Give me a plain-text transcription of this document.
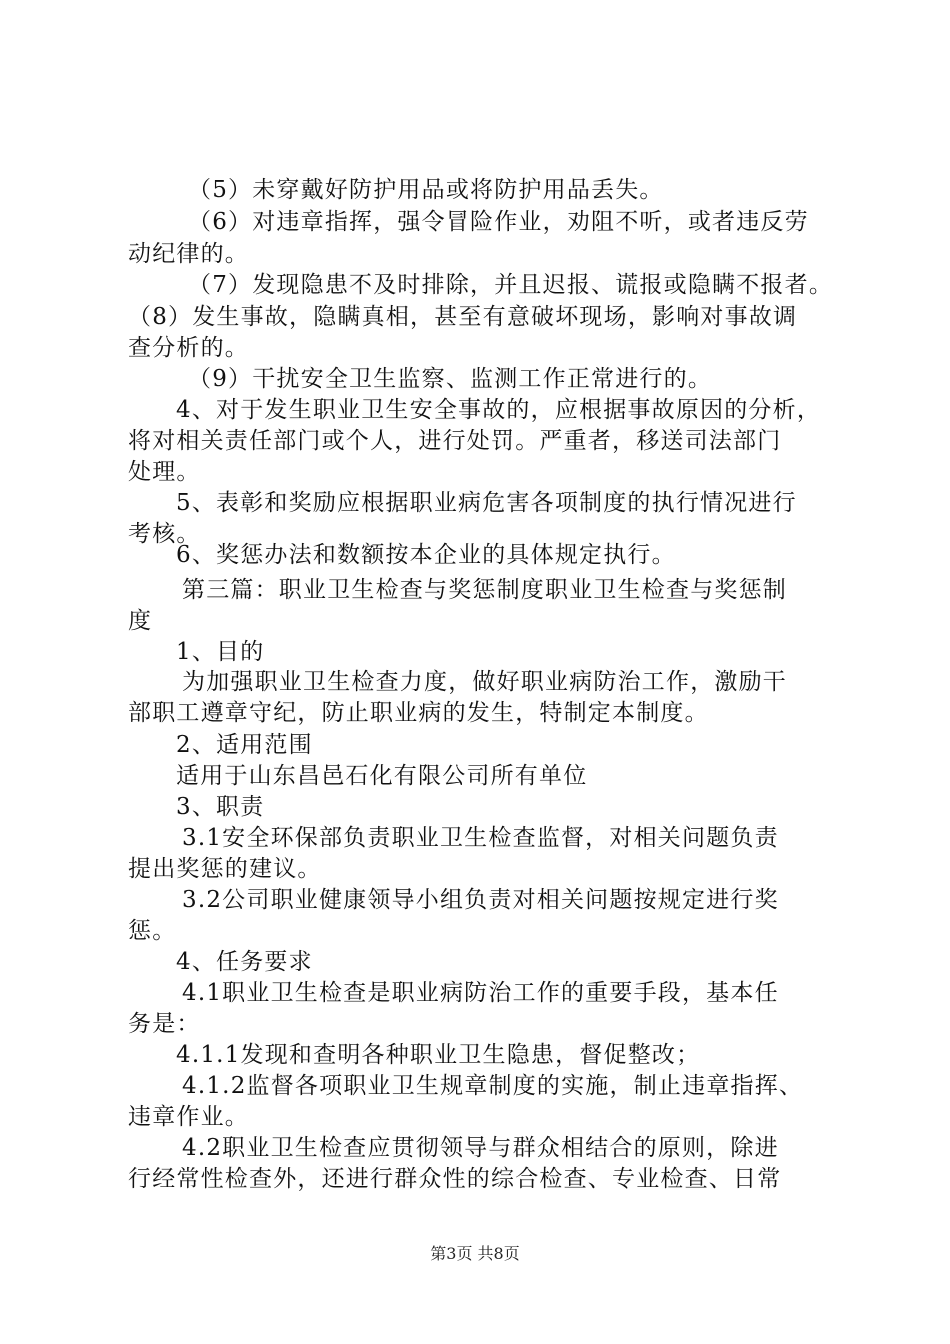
（5）未穿戴好防护用品或将防护用品丢失。
（6）对违章指挥，强令冒险作业，劝阻不听，或者违反劳
动纪律的。
（7）发现隐患不及时排除，并且迟报、谎报或隐瞒不报者。
（8）发生事故，隐瞒真相，甚至有意破坏现场，影响对事故调
查分析的。
（9）干扰安全卫生监察、监测工作正常进行的。
4、对于发生职业卫生安全事故的，应根据事故原因的分析，
将对相关责任部门或个人，进行处罚。严重者，移送司法部门
处理。
5、表彰和奖励应根据职业病危害各项制度的执行情况进行
考核。
6、奖惩办法和数额按本企业的具体规定执行。
第三篇：职业卫生检查与奖惩制度职业卫生检查与奖惩制
度
1、目的
为加强职业卫生检查力度，做好职业病防治工作，激励干
部职工遵章守纪，防止职业病的发生，特制定本制度。
2、适用范围
适用于山东昌邑石化有限公司所有单位
3、职责
3.1安全环保部负责职业卫生检查监督，对相关问题负责
提出奖惩的建议。
3.2公司职业健康领导小组负责对相关问题按规定进行奖
惩。
4、任务要求
4.1职业卫生检查是职业病防治工作的重要手段，基本任
务是：
4.1.1发现和查明各种职业卫生隐患，督促整改；
4.1.2监督各项职业卫生规章制度的实施，制止违章指挥、
违章作业。
4.2职业卫生检查应贯彻领导与群众相结合的原则，除进
行经常性检查外，还进行群众性的综合检查、专业检查、日常
第3页 共8页
